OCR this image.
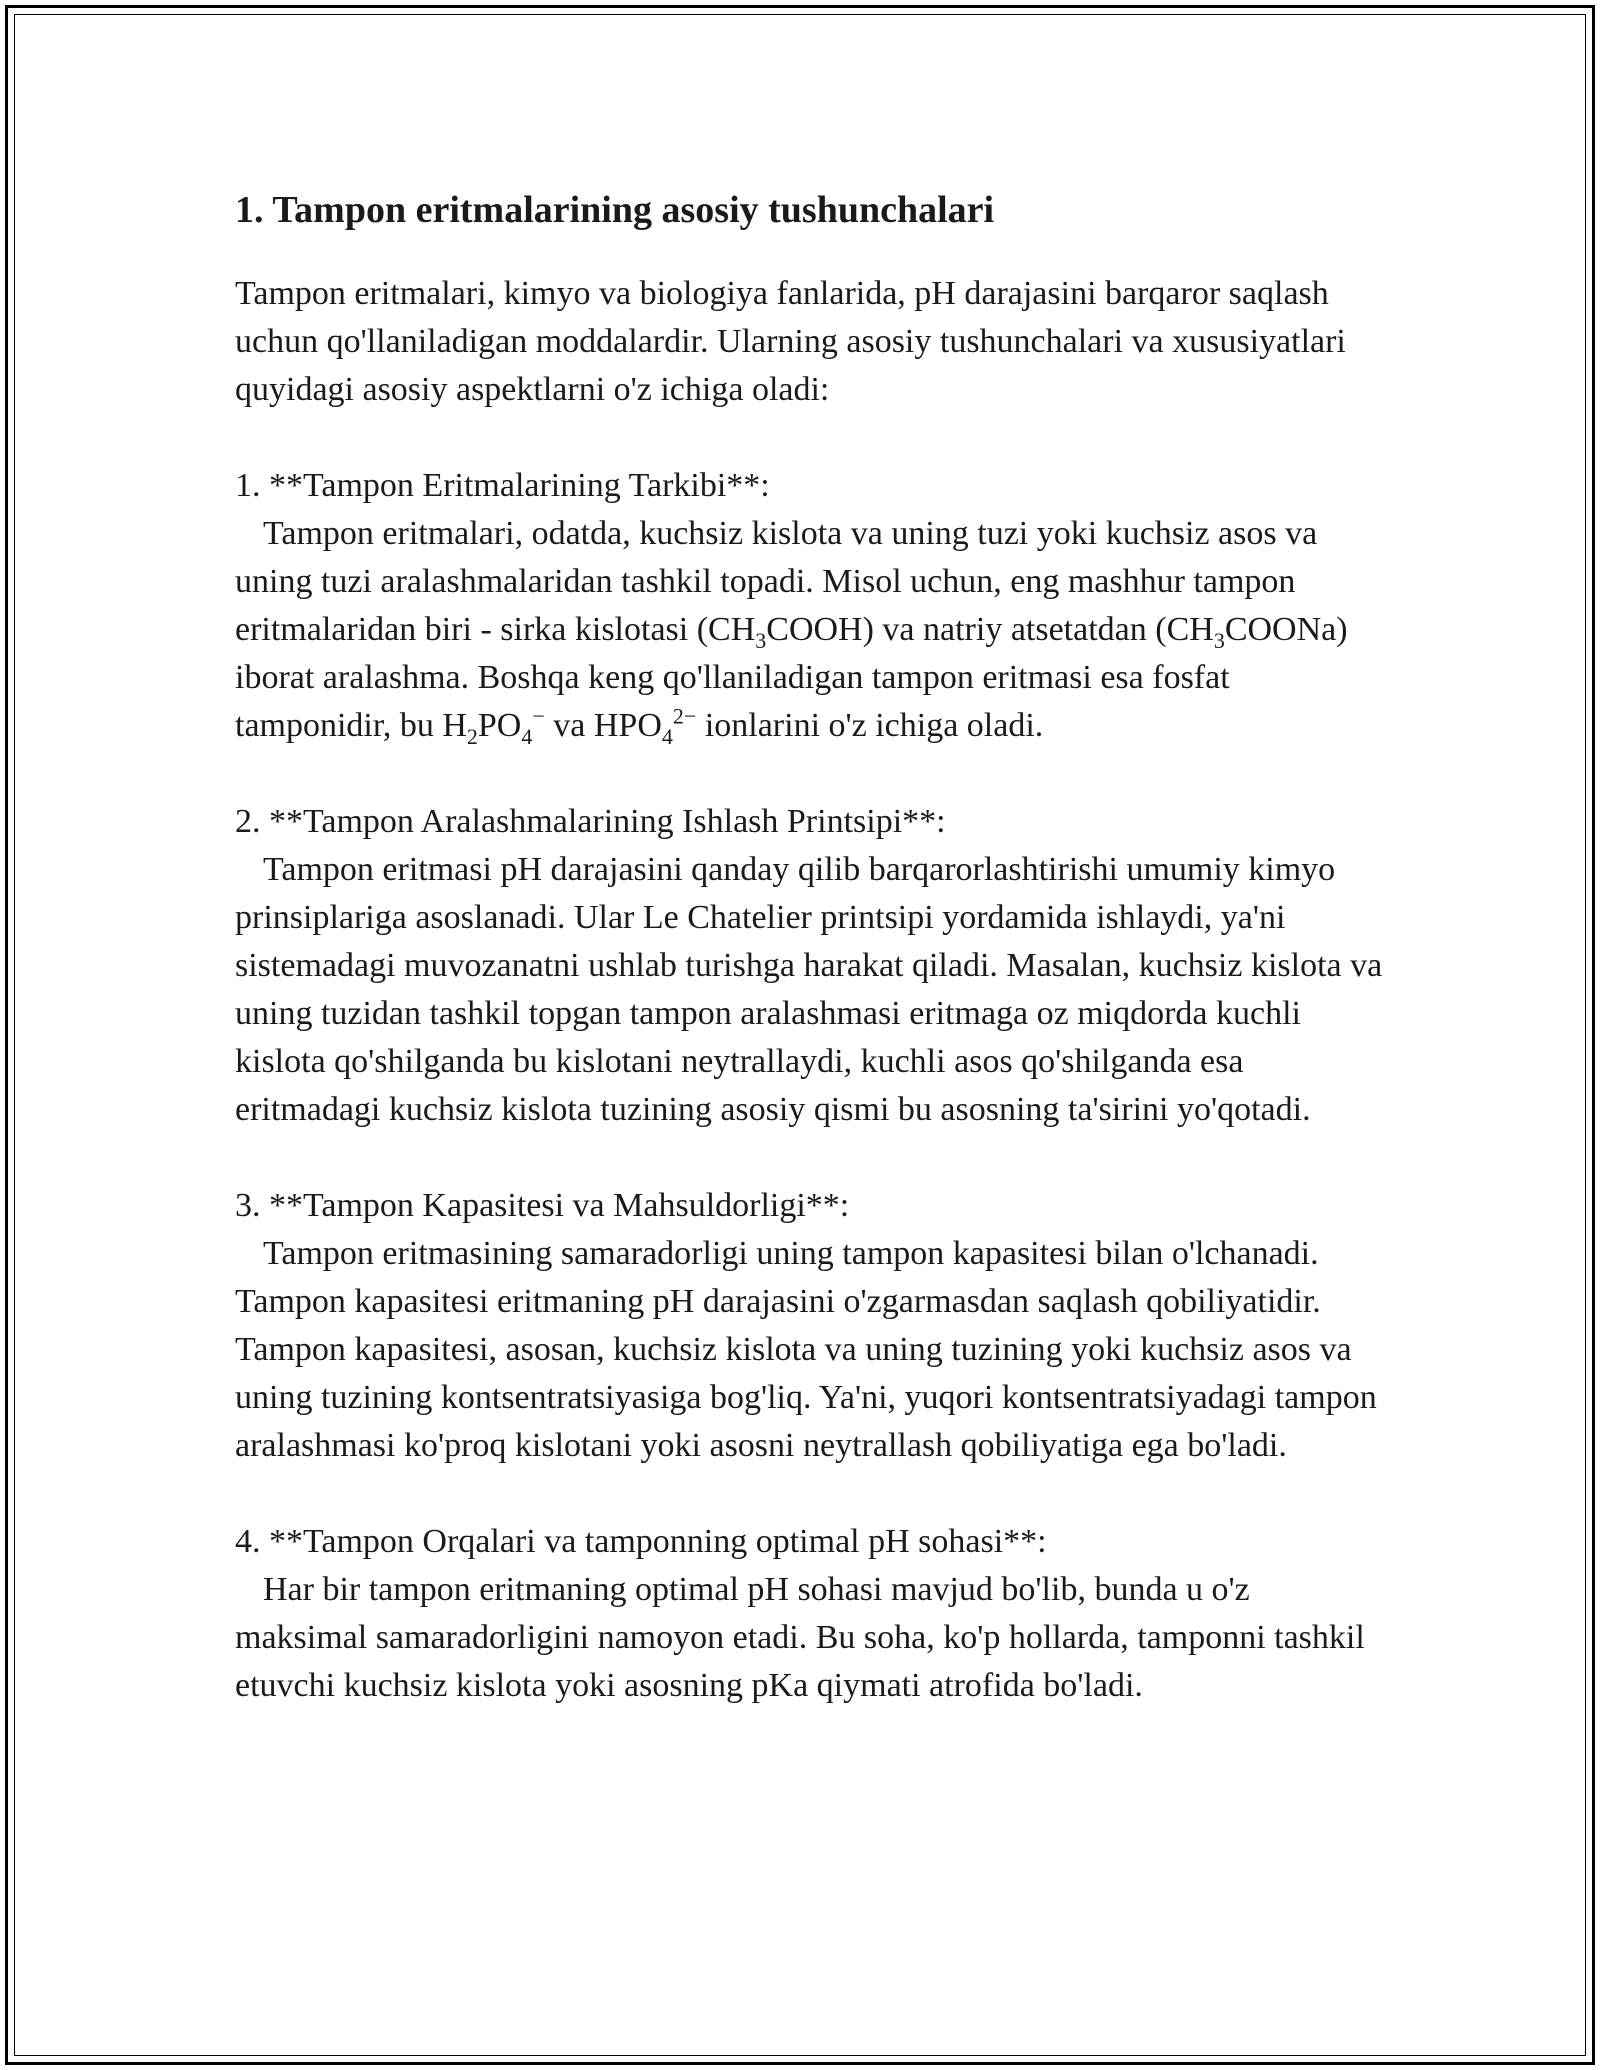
1. Tampon eritmalarining asosiy tushunchalari

Tampon eritmalari, kimyo va biologiya fanlarida, pH darajasini barqaror saqlash uchun qo'llaniladigan moddalardir. Ularning asosiy tushunchalari va xususiyatlari quyidagi asosiy aspektlarni o'z ichiga oladi:

1. **Tampon Eritmalarining Tarkibi**:
Tampon eritmalari, odatda, kuchsiz kislota va uning tuzi yoki kuchsiz asos va uning tuzi aralashmalaridan tashkil topadi. Misol uchun, eng mashhur tampon eritmalaridan biri - sirka kislotasi $(CH_3COOH)$ va natriy atsetatdan $(CH_3COONa)$ iborat aralashma. Boshqa keng qo'llaniladigan tampon eritmasi esa fosfat tamponidir, bu $H_2PO_4^-$ va $HPO_4^{2-}$ ionlarini o'z ichiga oladi.

2. **Tampon Aralashmalarining Ishlash Printsipi**:
Tampon eritmasi pH darajasini qanday qilib barqarorlashtirishi umumiy kimyo prinsiplariga asoslanadi. Ular Le Chatelier printsipi yordamida ishlaydi, ya'ni sistemadagi muvozanatni ushlab turishga harakat qiladi. Masalan, kuchsiz kislota va uning tuzidan tashkil topgan tampon aralashmasi eritmaga oz miqdorda kuchli kislota qo'shilganda bu kislotani neytrallaydi, kuchli asos qo'shilganda esa eritmadagi kuchsiz kislota tuzining asosiy qismi bu asosning ta'sirini yo'qotadi.

3. **Tampon Kapasitesi va Mahsuldorligi**:
Tampon eritmasining samaradorligi uning tampon kapasitesi bilan o'lchanadi. Tampon kapasitesi eritmaning pH darajasini o'zgarmasdan saqlash qobiliyatidir. Tampon kapasitesi, asosan, kuchsiz kislota va uning tuzining yoki kuchsiz asos va uning tuzining kontsentratsiyasiga bog'liq. Ya'ni, yuqori kontsentratsiyadagi tampon aralashmasi ko'proq kislotani yoki asosni neytrallash qobiliyatiga ega bo'ladi.

4. **Tampon Orqalari va tamponning optimal pH sohasi**:
Har bir tampon eritmaning optimal pH sohasi mavjud bo'lib, bunda u o'z maksimal samaradorligini namoyon etadi. Bu soha, ko'p hollarda, tamponni tashkil etuvchi kuchsiz kislota yoki asosning pKa qiymati atrofida bo'ladi.
